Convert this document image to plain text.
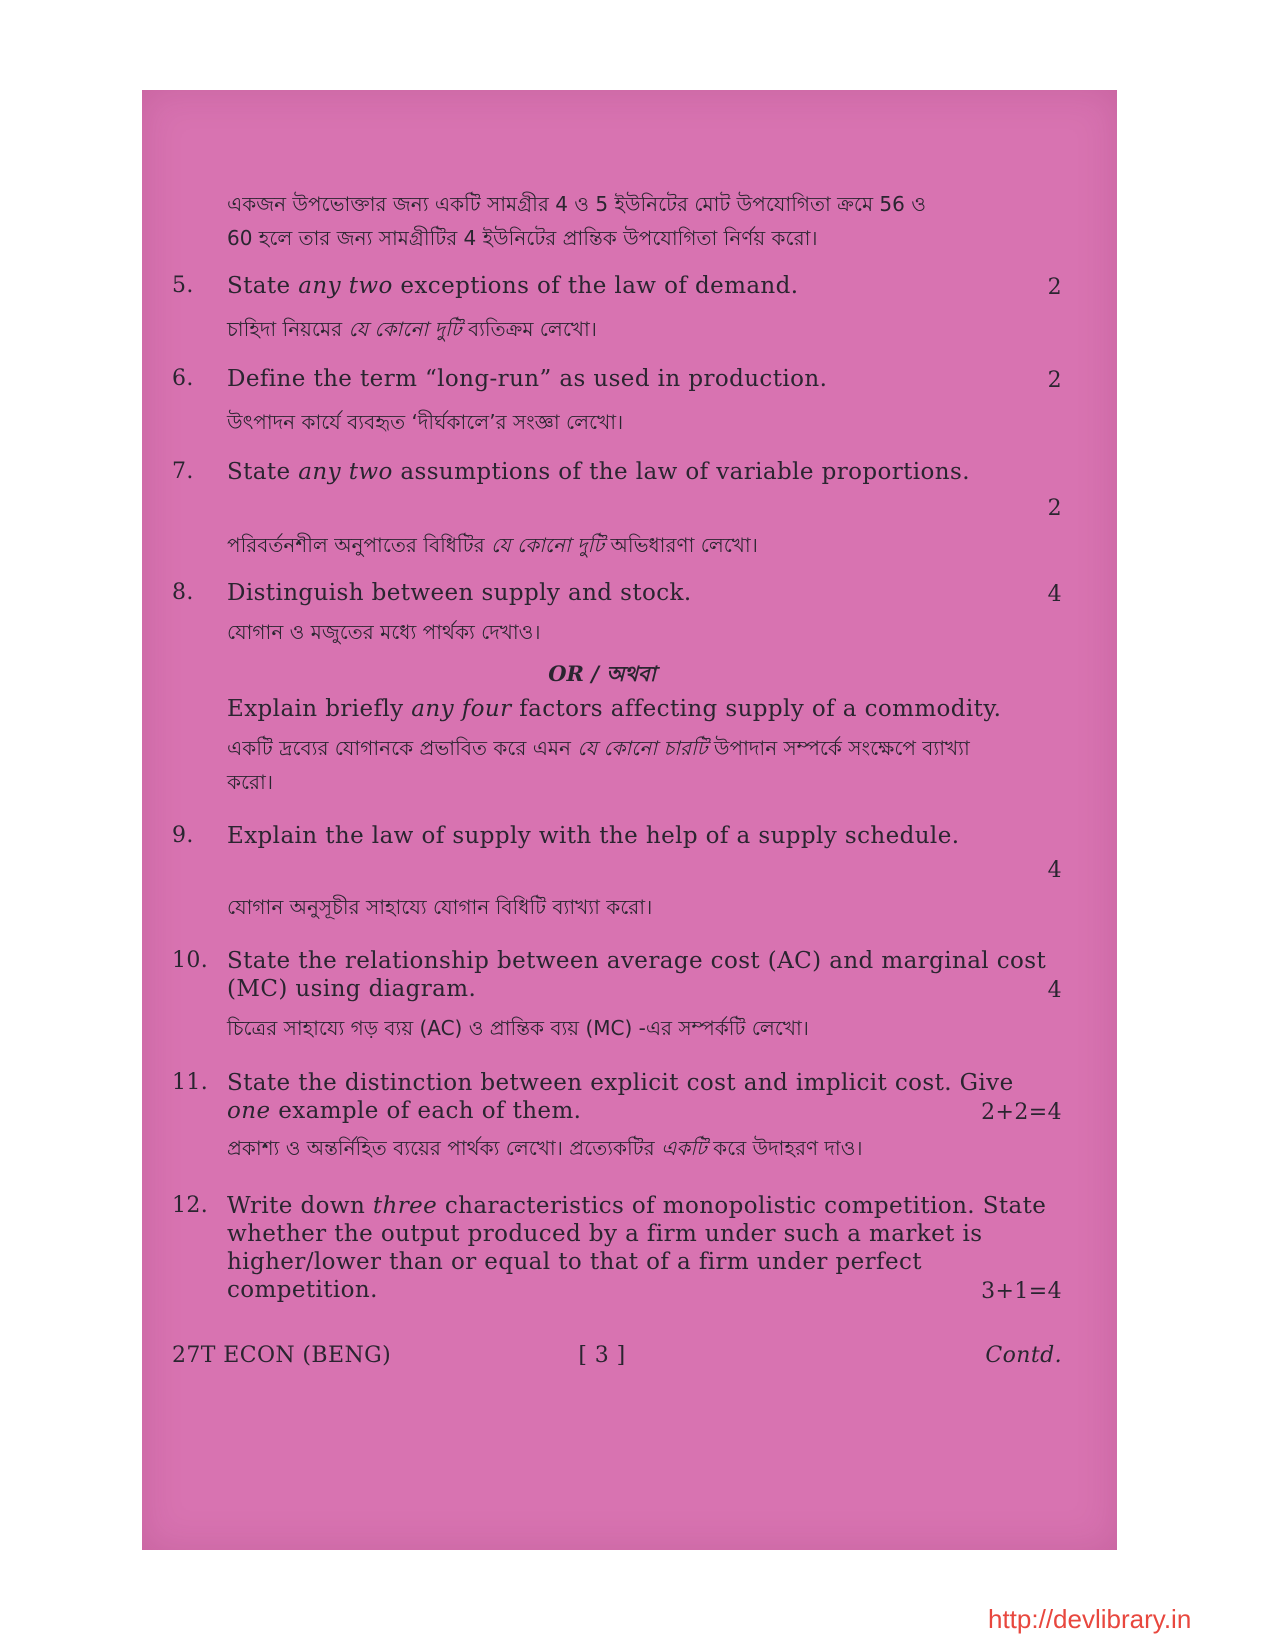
একজন উপভোক্তার জন্য একটি সামগ্রীর 4 ও 5 ইউনিটের মোট উপযোগিতা ক্রমে 56 ও
60 হলে তার জন্য সামগ্রীটির 4 ইউনিটের প্রান্তিক উপযোগিতা নির্ণয় করো।
5. State any two exceptions of the law of demand.	2
চাহিদা নিয়মের যে কোনো দুটি ব্যতিক্রম লেখো।
6. Define the term “long-run” as used in production.	2
উৎপাদন কার্যে ব্যবহৃত ‘দীর্ঘকালে’র সংজ্ঞা লেখো।
7. State any two assumptions of the law of variable proportions.
2
পরিবর্তনশীল অনুপাতের বিধিটির যে কোনো দুটি অভিধারণা লেখো।
8. Distinguish between supply and stock.	4
যোগান ও মজুতের মধ্যে পার্থক্য দেখাও।
OR / অথবা
Explain briefly any four factors affecting supply of a commodity.
একটি দ্রব্যের যোগানকে প্রভাবিত করে এমন যে কোনো চারটি উপাদান সম্পর্কে সংক্ষেপে ব্যাখ্যা
করো।
9. Explain the law of supply with the help of a supply schedule.
4
যোগান অনুসূচীর সাহায্যে যোগান বিধিটি ব্যাখ্যা করো।
10. State the relationship between average cost (AC) and marginal cost
(MC) using diagram.	4
চিত্রের সাহায্যে গড় ব্যয় (AC) ও প্রান্তিক ব্যয় (MC) -এর সম্পর্কটি লেখো।
11. State the distinction between explicit cost and implicit cost. Give
one example of each of them.	2+2=4
প্রকাশ্য ও অন্তর্নিহিত ব্যয়ের পার্থক্য লেখো। প্রত্যেকটির একটি করে উদাহরণ দাও।
12. Write down three characteristics of monopolistic competition. State
whether the output produced by a firm under such a market is
higher/lower than or equal to that of a firm under perfect
competition.	3+1=4
27T ECON (BENG)	[ 3 ]	Contd.
http://devlibrary.in
